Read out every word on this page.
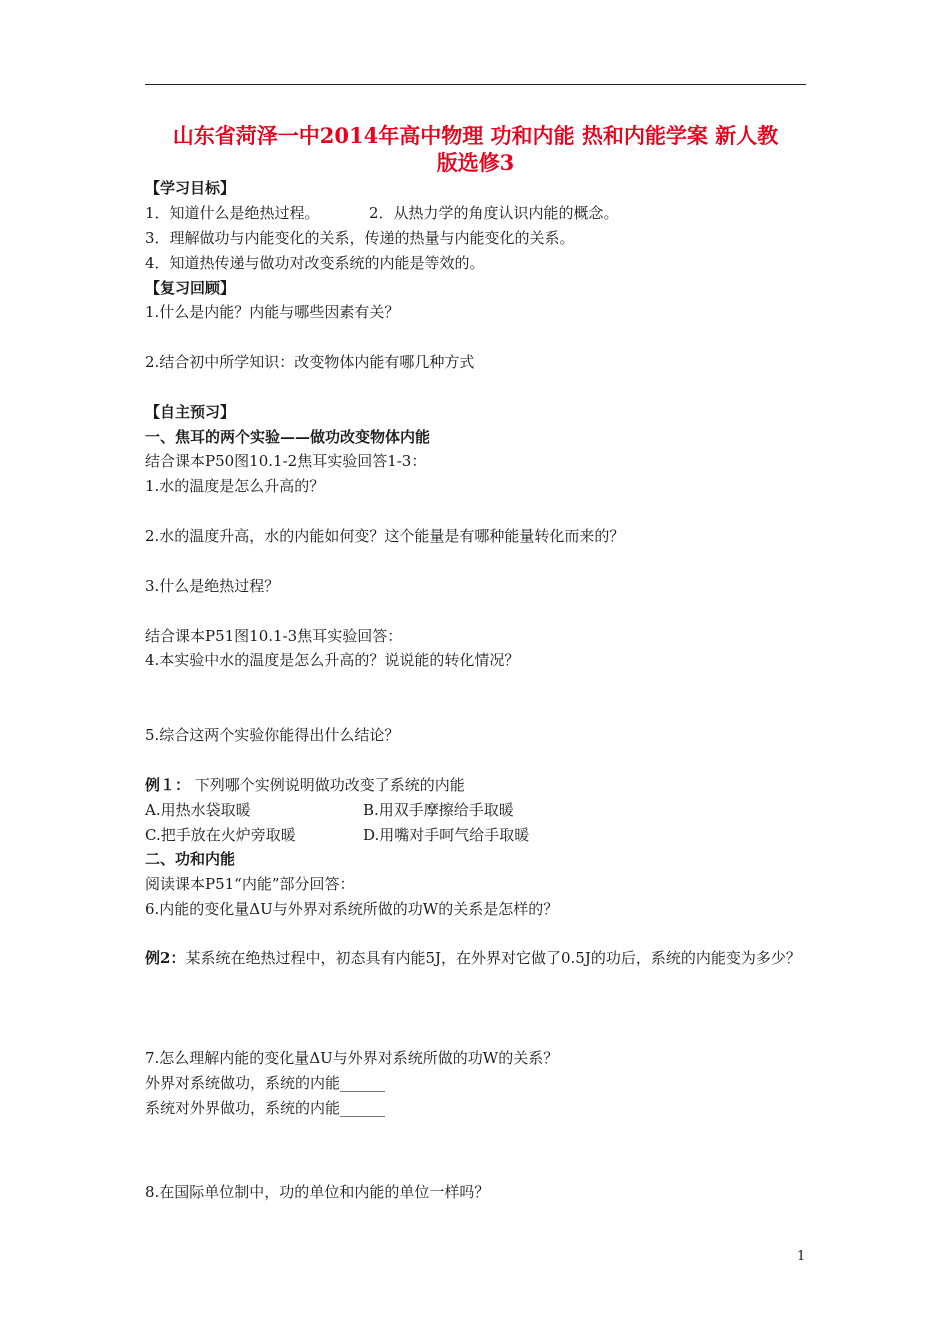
山东省菏泽一中2014年高中物理 功和内能 热和内能学案 新人教
版选修3
【学习目标】
1．知道什么是绝热过程。	2．从热力学的角度认识内能的概念。
3．理解做功与内能变化的关系，传递的热量与内能变化的关系。
4．知道热传递与做功对改变系统的内能是等效的。
【复习回顾】
1.什么是内能？内能与哪些因素有关？
2.结合初中所学知识：改变物体内能有哪几种方式
【自主预习】
一、焦耳的两个实验——做功改变物体内能
结合课本P50图10.1-2焦耳实验回答1-3：
1.水的温度是怎么升高的？
2.水的温度升高，水的内能如何变？这个能量是有哪种能量转化而来的？
3.什么是绝热过程？
结合课本P51图10.1-3焦耳实验回答：
4.本实验中水的温度是怎么升高的？说说能的转化情况？
5.综合这两个实验你能得出什么结论？
例１： 下列哪个实例说明做功改变了系统的内能
A.用热水袋取暖	B.用双手摩擦给手取暖
C.把手放在火炉旁取暖	D.用嘴对手呵气给手取暖
二、功和内能
阅读课本P51“内能”部分回答：
6.内能的变化量ΔU与外界对系统所做的功W的关系是怎样的？
例2：某系统在绝热过程中，初态具有内能5J，在外界对它做了0.5J的功后，系统的内能变为多少？
7.怎么理解内能的变化量ΔU与外界对系统所做的功W的关系？
外界对系统做功，系统的内能______
系统对外界做功，系统的内能______
8.在国际单位制中，功的单位和内能的单位一样吗？
1
